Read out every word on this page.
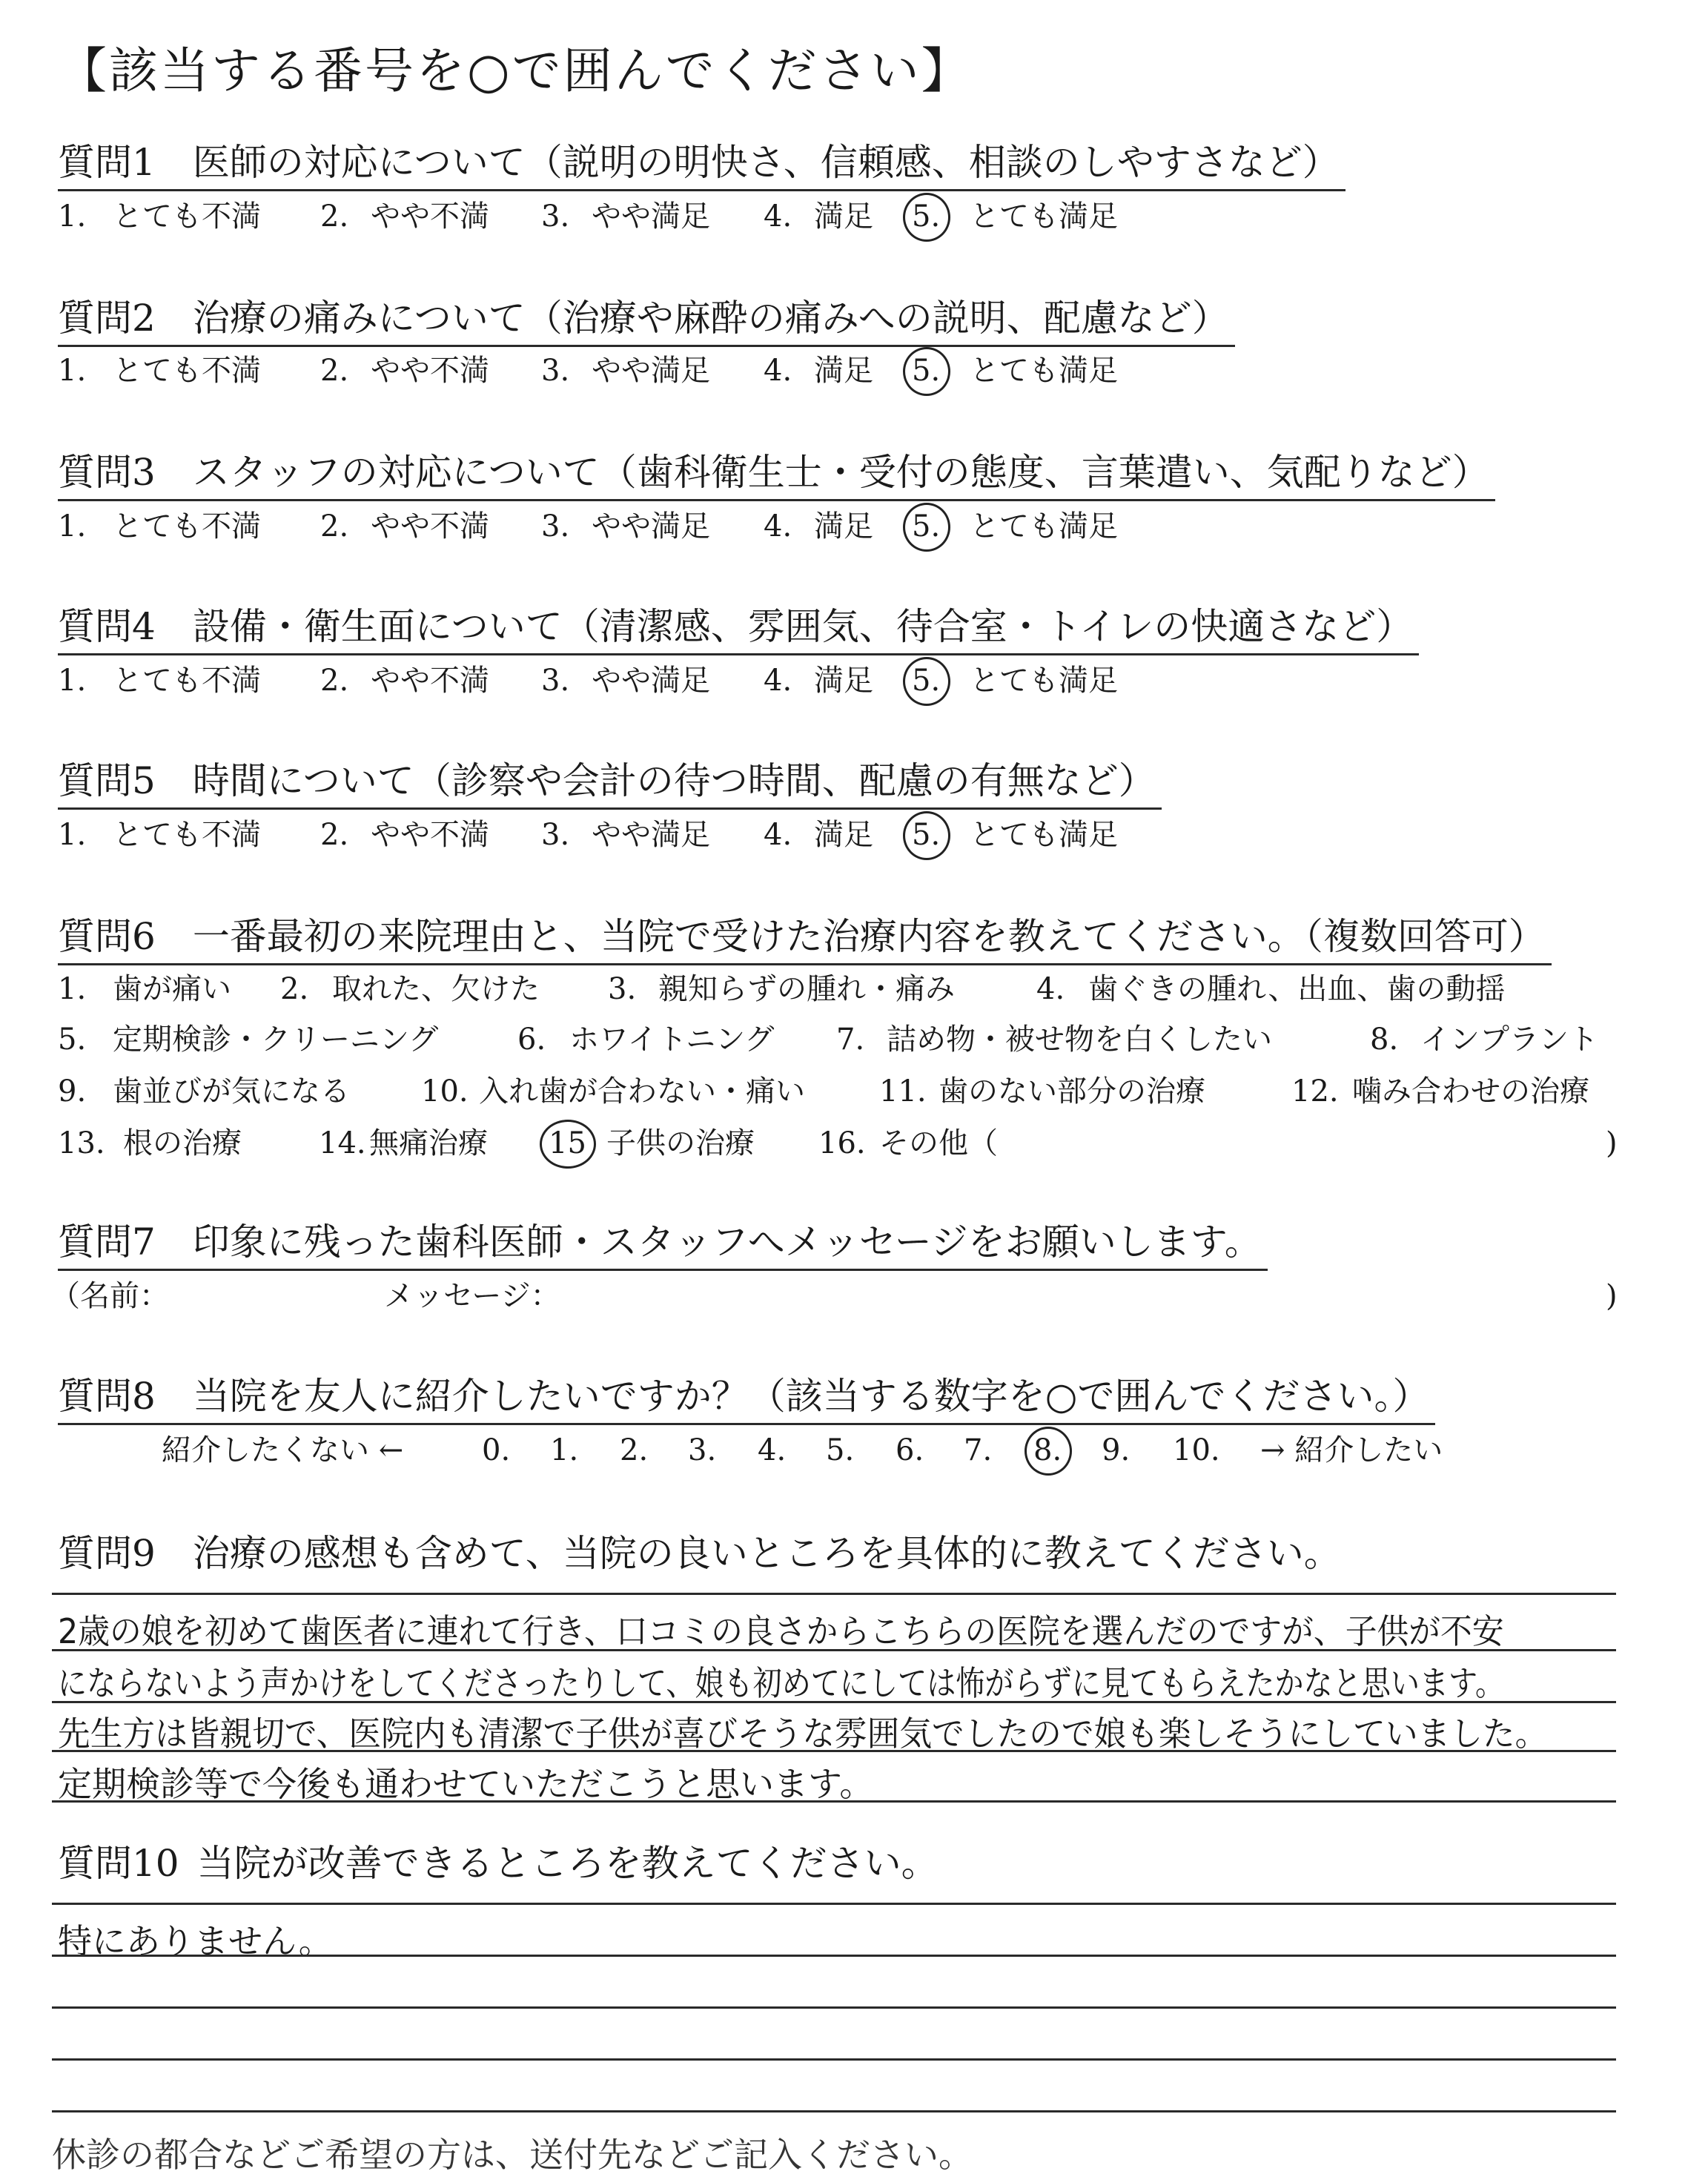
【該当する番号を○で囲んでください】
質問1 医師の対応について（説明の明快さ、信頼感、相談のしやすさなど）
1. とても不満 2. やや不満 3. やや満足 4. 満足 5. とても満足
質問2 治療の痛みについて（治療や麻酔の痛みへの説明、配慮など）
1. とても不満 2. やや不満 3. やや満足 4. 満足 5. とても満足
質問3 スタッフの対応について（歯科衛生士・受付の態度、言葉遣い、気配りなど）
1. とても不満 2. やや不満 3. やや満足 4. 満足 5. とても満足
質問4 設備・衛生面について（清潔感、雰囲気、待合室・トイレの快適さなど）
1. とても不満 2. やや不満 3. やや満足 4. 満足 5. とても満足
質問5 時間について（診察や会計の待つ時間、配慮の有無など）
1. とても不満 2. やや不満 3. やや満足 4. 満足 5. とても満足
質問6 一番最初の来院理由と、当院で受けた治療内容を教えてください。（複数回答可）
1. 歯が痛い 2. 取れた、欠けた 3. 親知らずの腫れ・痛み	4. 歯ぐきの腫れ、出血、歯の動揺
5. 定期検診・クリーニング	6. ホワイトニング 7. 詰め物・被せ物を白くしたい	8. インプラント
9. 歯並びが気になる 10. 入れ歯が合わない・痛い	11. 歯のない部分の治療	12. 噛み合わせの治療
13. 根の治療	14. 無痛治療 15 子供の治療 16. その他（	)
質問7 印象に残った歯科医師・スタッフへメッセージをお願いします。
（名前：	メッセージ：	)
質問8 当院を友人に紹介したいですか？（該当する数字を○で囲んでください。）
紹介したくない ←	0. 1. 2. 3. 4. 5. 6. 7. 8. 9. 10. → 紹介したい
質問9 治療の感想も含めて、当院の良いところを具体的に教えてください。
2歳の娘を初めて歯医者に連れて行き、口コミの良さからこちらの医院を選んだのですが、子供が不安
にならないよう声かけをしてくださったりして、娘も初めてにしては怖がらずに見てもらえたかなと思います。
先生方は皆親切で、医院内も清潔で子供が喜びそうな雰囲気でしたので娘も楽しそうにしていました。
定期検診等で今後も通わせていただこうと思います。
質問10 当院が改善できるところを教えてください。
特にありません。
休診の都合などご希望の方は、送付先などご記入ください。
